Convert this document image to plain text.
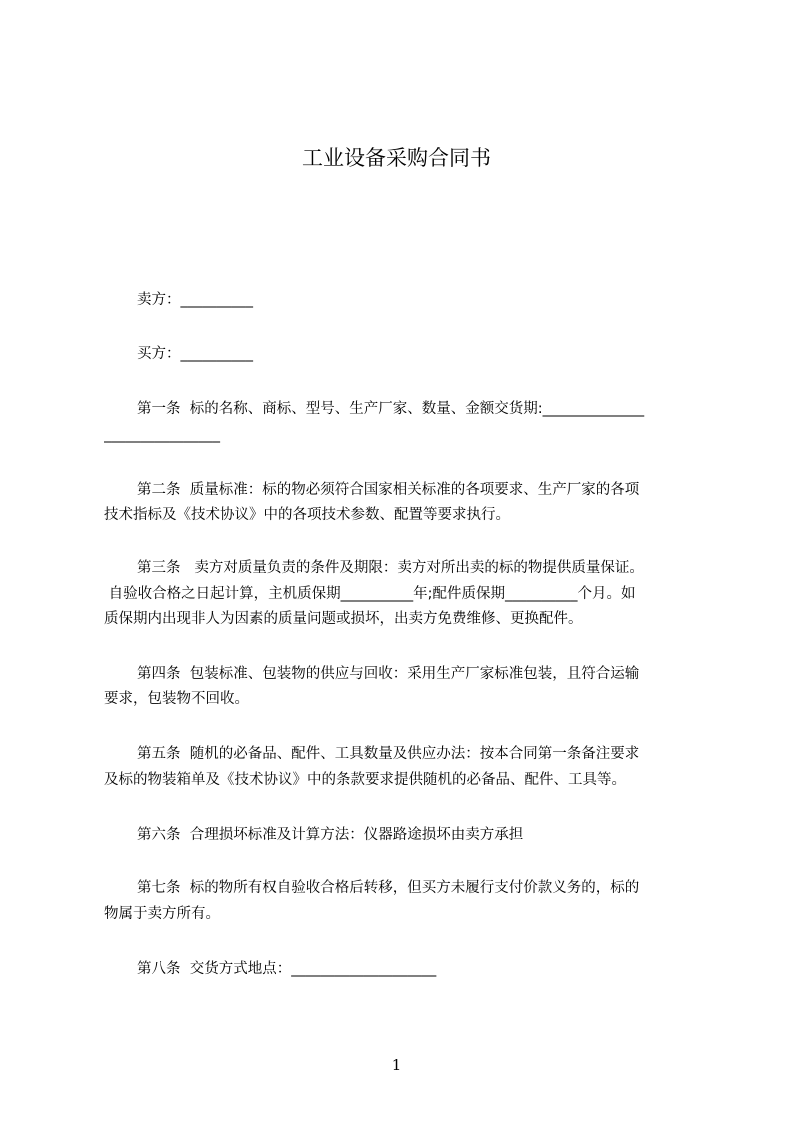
工业设备采购合同书
卖方：__________
买方：__________
第一条  标的名称、商标、型号、生产厂家、数量、金额交货期:______________
________________
第二条  质量标准：标的物必须符合国家相关标准的各项要求、生产厂家的各项
技术指标及《技术协议》中的各项技术参数、配置等要求执行。
第三条   卖方对质量负责的条件及期限：卖方对所出卖的标的物提供质量保证。
自验收合格之日起计算，主机质保期__________年;配件质保期__________个月。如
质保期内出现非人为因素的质量问题或损坏，出卖方免费维修、更换配件。
第四条  包装标准、包装物的供应与回收：采用生产厂家标准包装，且符合运输
要求，包装物不回收。
第五条  随机的必备品、配件、工具数量及供应办法：按本合同第一条备注要求
及标的物装箱单及《技术协议》中的条款要求提供随机的必备品、配件、工具等。
第六条  合理损坏标准及计算方法：仪器路途损坏由卖方承担
第七条  标的物所有权自验收合格后转移，但买方未履行支付价款义务的，标的
物属于卖方所有。
第八条  交货方式地点：____________________
1
